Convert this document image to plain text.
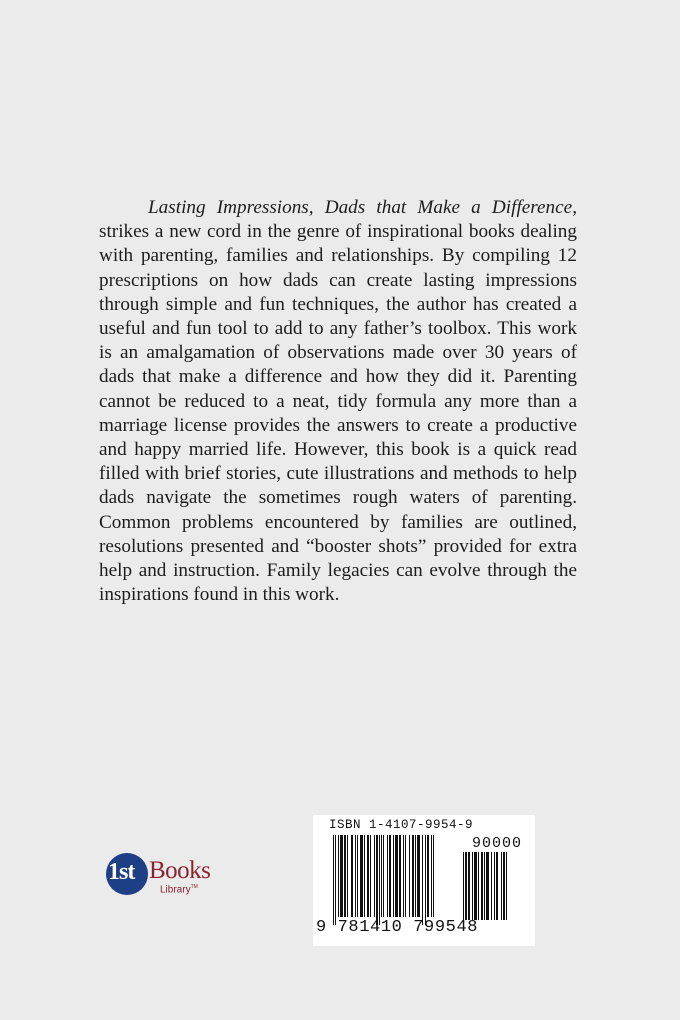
Lasting Impressions, Dads that Make a Difference, strikes a new cord in the genre of inspirational books dealing with parenting, families and relationships. By compiling 12 prescriptions on how dads can create lasting impressions through simple and fun techniques, the author has created a useful and fun tool to add to any father’s toolbox. This work is an amalgamation of observations made over 30 years of dads that make a difference and how they did it. Parenting cannot be reduced to a neat, tidy formula any more than a marriage license provides the answers to create a productive and happy married life. However, this book is a quick read filled with brief stories, cute illustrations and methods to help dads navigate the sometimes rough waters of parenting. Common problems encountered by families are outlined, resolutions presented and “booster shots” provided for extra help and instruction. Family legacies can evolve through the inspirations found in this work.

1st Books
Library™
ISBN 1-4107-9954-9
90000
9 781410 799548
